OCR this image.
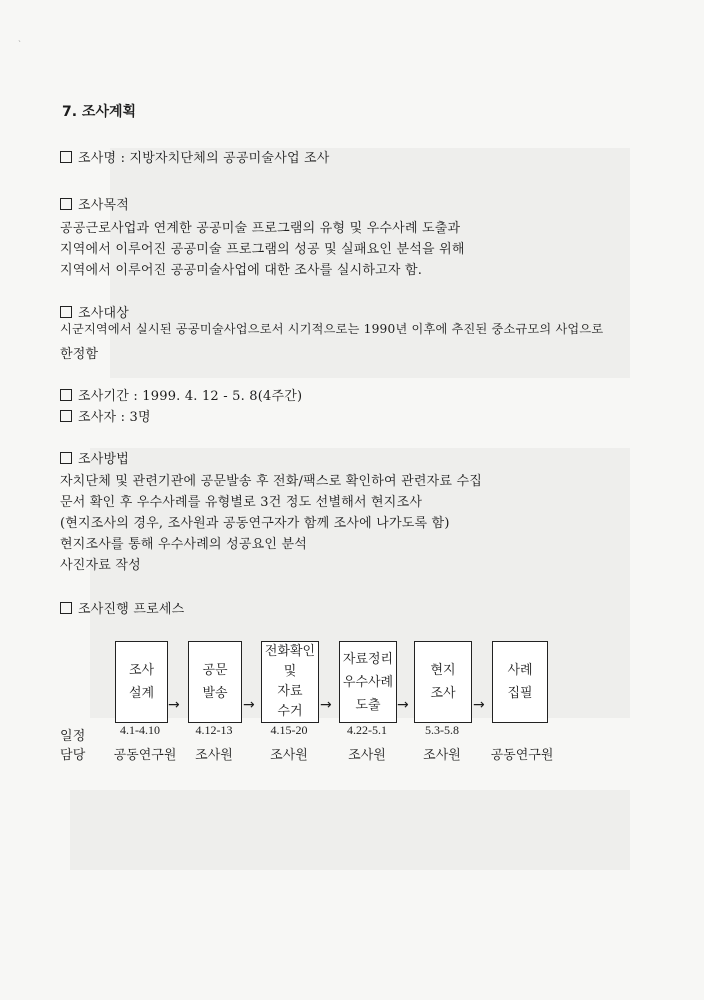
ˎ
7. 조사계획
조사명 : 지방자치단체의 공공미술사업 조사
조사목적
공공근로사업과 연계한 공공미술 프로그램의 유형 및 우수사례 도출과
지역에서 이루어진 공공미술 프로그램의 성공 및 실패요인 분석을 위해
지역에서 이루어진 공공미술사업에 대한 조사를 실시하고자 함.
조사대상
시군지역에서 실시된 공공미술사업으로서 시기적으로는 1990년 이후에 추진된 중소규모의 사업으로
한정함
조사기간 : 1999. 4. 12 - 5. 8(4주간)
조사자 : 3명
조사방법
자치단체 및 관련기관에 공문발송 후 전화/팩스로 확인하여 관련자료 수집
문서 확인 후 우수사례를 유형별로 3건 정도 선별해서 현지조사
(현지조사의 경우, 조사원과 공동연구자가 함께 조사에 나가도록 함)
현지조사를 통해 우수사례의 성공요인 분석
사진자료 작성
조사진행 프로세스
조사
설계
→
공문
발송
→
전화확인
및
자료
수거	→
자료정리
우수사례
도출	→
현지
조사
→
사례
집필
일정	4.1-4.10	4.12-13	4.15-20	4.22-5.1	5.3-5.8
담당	공동연구원	조사원	조사원	조사원	조사원	공동연구원
